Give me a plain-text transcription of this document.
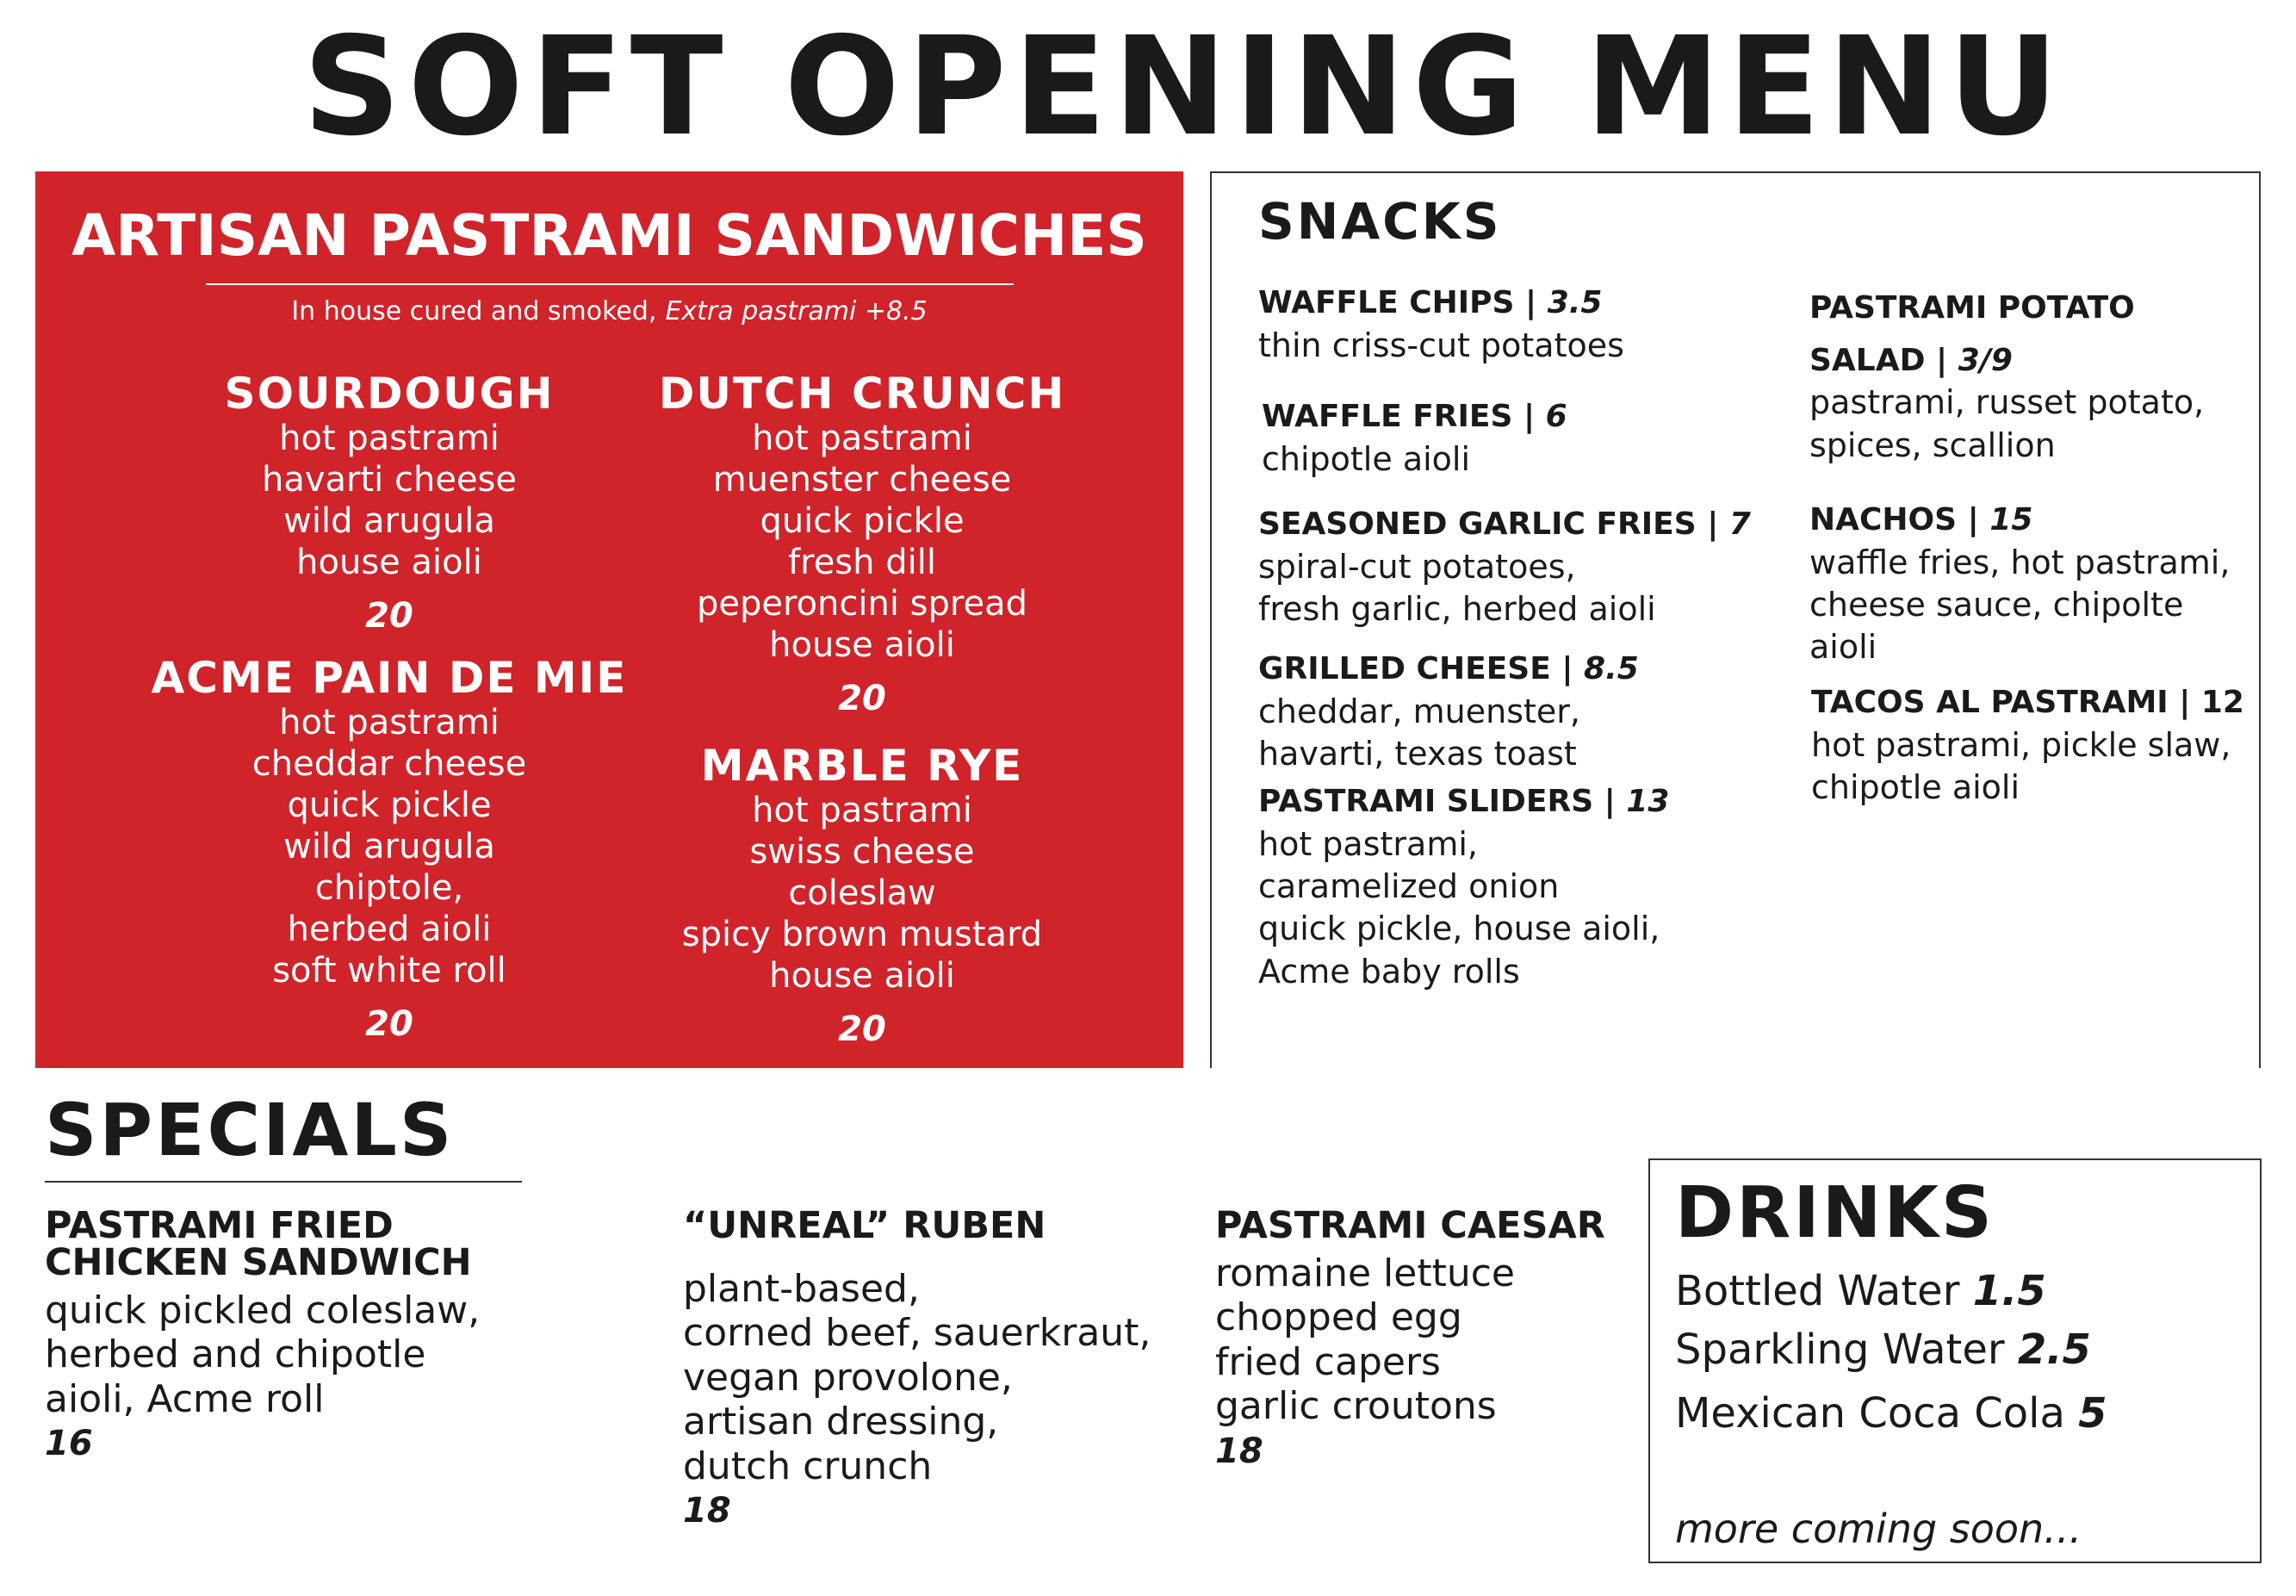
SOFT OPENING MENU
ARTISAN PASTRAMI SANDWICHES
In house cured and smoked, Extra pastrami +8.5
SOURDOUGH
hot pastrami
havarti cheese
wild arugula
house aioli
20
ACME PAIN DE MIE
hot pastrami
cheddar cheese
quick pickle
wild arugula
chiptole,
herbed aioli
soft white roll
20
DUTCH CRUNCH
hot pastrami
muenster cheese
quick pickle
fresh dill
peperoncini spread
house aioli
20
MARBLE RYE
hot pastrami
swiss cheese
coleslaw
spicy brown mustard
house aioli
20
SNACKS
WAFFLE CHIPS | 3.5
thin criss-cut potatoes
WAFFLE FRIES | 6
chipotle aioli
SEASONED GARLIC FRIES | 7
spiral-cut potatoes,
fresh garlic, herbed aioli
GRILLED CHEESE | 8.5
cheddar, muenster,
havarti, texas toast
PASTRAMI SLIDERS | 13
hot pastrami,
caramelized onion
quick pickle, house aioli,
Acme baby rolls
PASTRAMI POTATO
SALAD | 3/9
pastrami, russet potato,
spices, scallion
NACHOS | 15
waffle fries, hot pastrami,
cheese sauce, chipolte
aioli
TACOS AL PASTRAMI | 12
hot pastrami, pickle slaw,
chipotle aioli
SPECIALS
PASTRAMI FRIED
CHICKEN SANDWICH
quick pickled coleslaw,
herbed and chipotle
aioli, Acme roll
16
“UNREAL” RUBEN
plant-based,
corned beef, sauerkraut,
vegan provolone,
artisan dressing,
dutch crunch
18
PASTRAMI CAESAR
romaine lettuce
chopped egg
fried capers
garlic croutons
18
DRINKS
Bottled Water 1.5
Sparkling Water 2.5
Mexican Coca Cola 5
more coming soon...
